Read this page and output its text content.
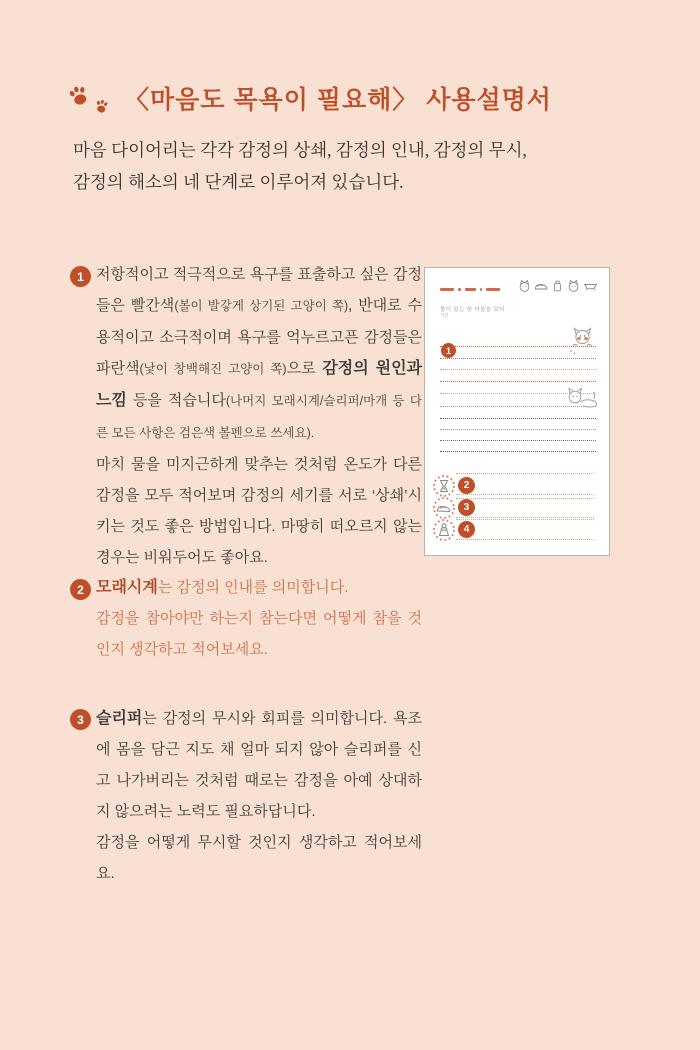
〈마음도 목욕이 필요해〉 사용설명서
마음 다이어리는 각각 감정의 상쇄, 감정의 인내, 감정의 무시,
감정의 해소의 네 단계로 이루어져 있습니다.
1 저항적이고 적극적으로 욕구를 표출하고 싶은 감정들은 빨간색(볼이 발갛게 상기된 고양이 쪽), 반대로 수용적이고 소극적이며 욕구를 억누르고픈 감정들은 파란색(낯이 창백해진 고양이 쪽)으로 감정의 원인과 느낌 등을 적습니다(나머지 모래시계/슬리퍼/마개 등 다른 모든 사항은 검은색 볼펜으로 쓰세요).

마치 물을 미지근하게 맞추는 것처럼 온도가 다른 감정을 모두 적어보며 감정의 세기를 서로 ‘상쇄’시키는 것도 좋은 방법입니다. 마땅히 떠오르지 않는 경우는 비워두어도 좋아요.

2 모래시계는 감정의 인내를 의미합니다.

감정을 참아야만 하는지 참는다면 어떻게 참을 것인지 생각하고 적어보세요.

3 슬리퍼는 감정의 무시와 회피를 의미합니다. 욕조에 몸을 담근 지도 채 얼마 되지 않아 슬리퍼를 신고 나가버리는 것처럼 때로는 감정을 아예 상대하지 않으려는 노력도 필요하답니다.

감정을 어떻게 무시할 것인지 생각하고 적어보세요.

물이 있는 한 마음을 보다
기분
1
2
3
4
